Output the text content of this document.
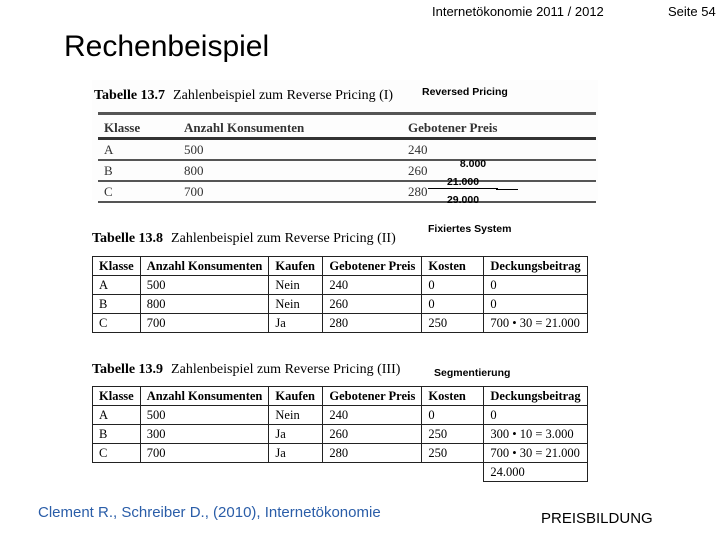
Internetökonomie 2011 / 2012	Seite 54
Rechenbeispiel
Tabelle 13.7 Zahlenbeispiel zum Reverse Pricing (I)
Klasse	Anzahl Konsumenten	Gebotener Preis
A	500	240
B	800	260
C	700	280
Reversed Pricing
8.000
21.000
29.000
Tabelle 13.8 Zahlenbeispiel zum Reverse Pricing (II)
Fixiertes System
Klasse	Anzahl Konsumenten	Kaufen	Gebotener Preis	Kosten	Deckungsbeitrag
A	500	Nein	240	0	0
B	800	Nein	260	0	0
C	700	Ja	280	250	700 • 30 = 21.000
Tabelle 13.9 Zahlenbeispiel zum Reverse Pricing (III)	Segmentierung
Klasse	Anzahl Konsumenten	Kaufen	Gebotener Preis	Kosten	Deckungsbeitrag
A	500	Nein	240	0	0
B	300	Ja	260	250	300 • 10 = 3.000
C	700	Ja	280	250	700 • 30 = 21.000
					24.000
Clement R., Schreiber D., (2010), Internetökonomie	PREISBILDUNG
